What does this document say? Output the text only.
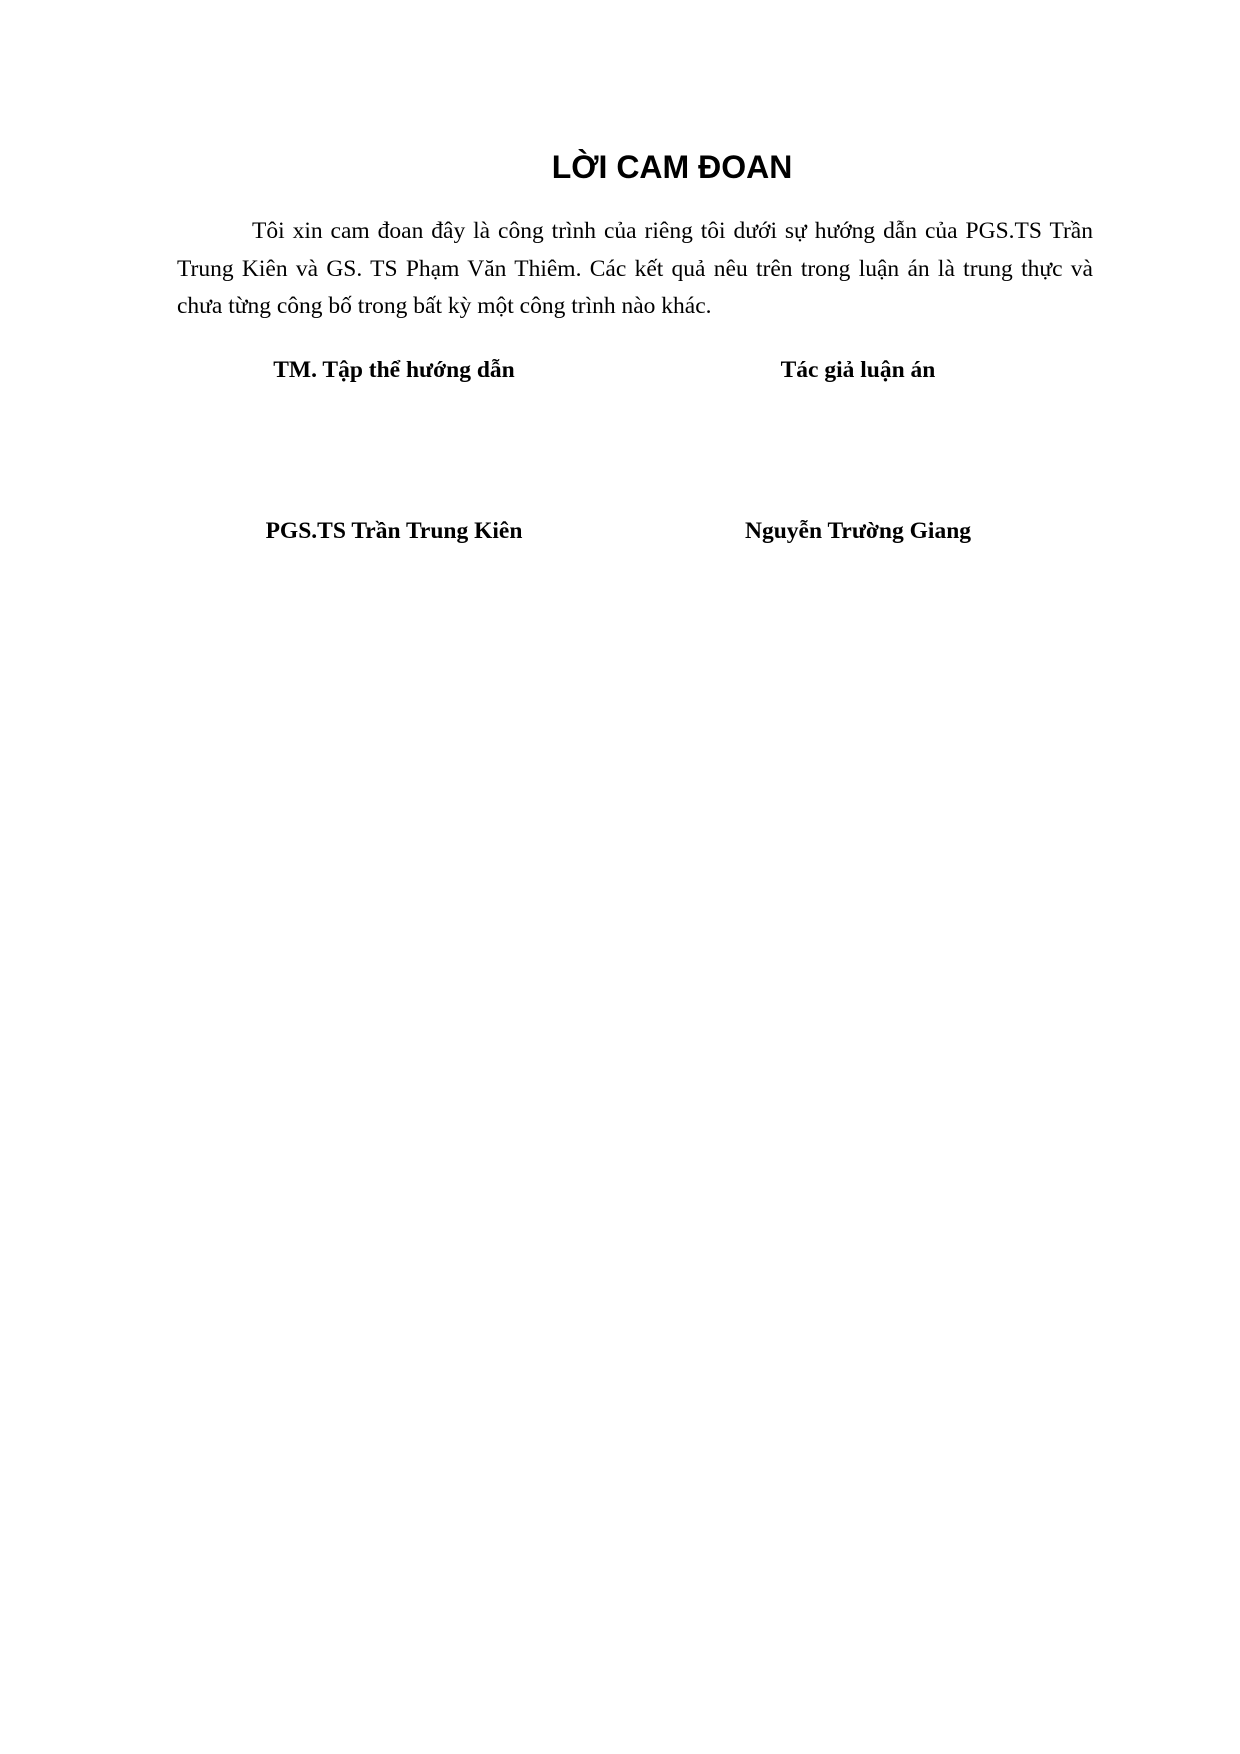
LỜI CAM ĐOAN

Tôi xin cam đoan đây là công trình của riêng tôi dưới sự hướng dẫn của PGS.TS Trần Trung Kiên và GS. TS Phạm Văn Thiêm. Các kết quả nêu trên trong luận án là trung thực và chưa từng công bố trong bất kỳ một công trình nào khác.

TM. Tập thể hướng dẫn	Tác giả luận án
PGS.TS Trần Trung Kiên	Nguyễn Trường Giang
